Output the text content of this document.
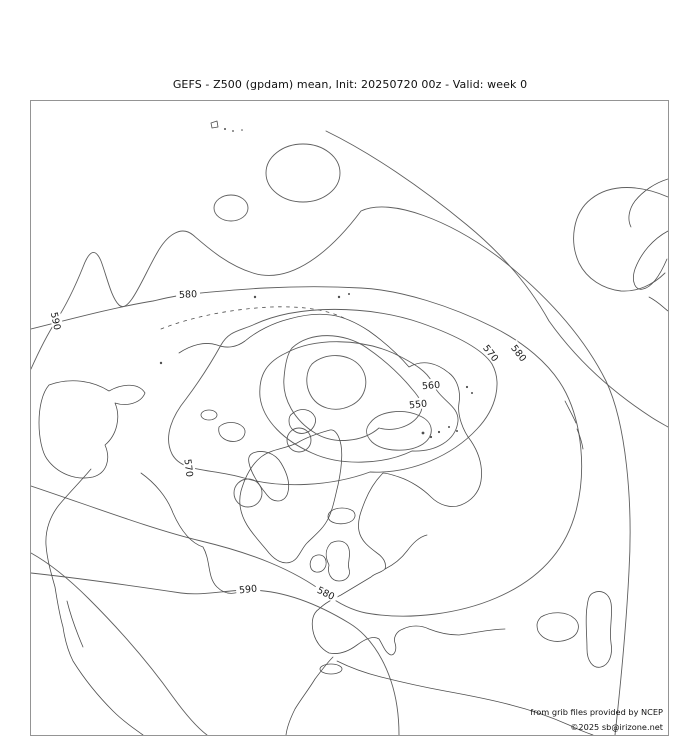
GEFS - Z500 (gpdam) mean, Init: 20250720 00z - Valid: week 0
580
590
570 580
560
550
570
590	580
from grib files provided by NCEP
©2025 sb@irizone.net
